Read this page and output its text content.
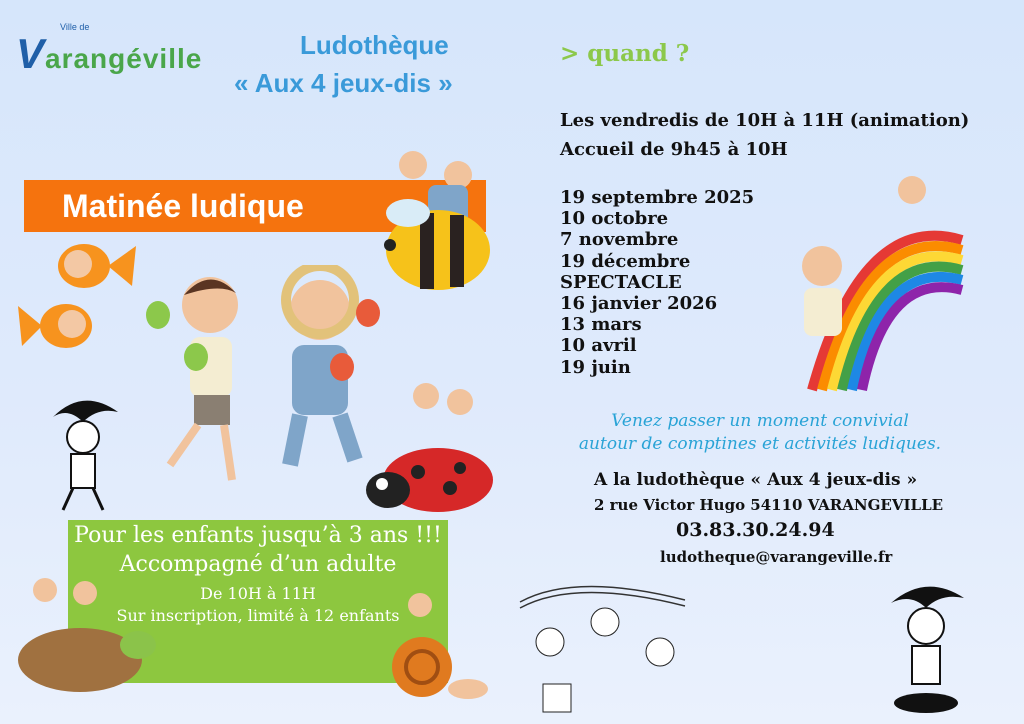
Ville de
Varangéville	Ludothèque
« Aux 4 jeux-dis »
Matinée ludique
> quand ?
Les vendredis de 10H à 11H (animation)
Accueil de 9h45 à 10H
19 septembre 2025
10 octobre
7 novembre
19 décembre
SPECTACLE
16 janvier 2026
13 mars
10 avril
19 juin
Venez passer un moment convivial
autour de comptines et activités ludiques.
A la ludothèque « Aux 4 jeux-dis »
2 rue Victor Hugo 54110 VARANGEVILLE
03.83.30.24.94
ludotheque@varangeville.fr
Pour les enfants jusqu’à 3 ans !!!
Accompagné d’un adulte
De 10H à 11H
Sur inscription, limité à 12 enfants
